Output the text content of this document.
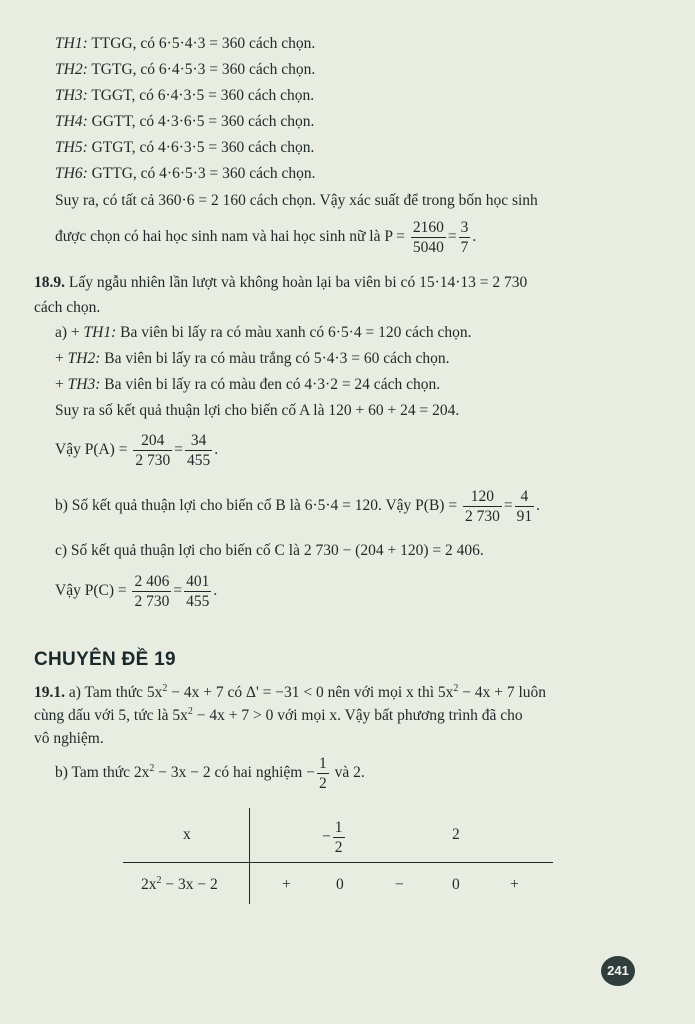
TH1: TTGG, có 6·5·4·3 = 360 cách chọn.
TH2: TGTG, có 6·4·5·3 = 360 cách chọn.
TH3: TGGT, có 6·4·3·5 = 360 cách chọn.
TH4: GGTT, có 4·3·6·5 = 360 cách chọn.
TH5: GTGT, có 4·6·3·5 = 360 cách chọn.
TH6: GTTG, có 4·6·5·3 = 360 cách chọn.
Suy ra, có tất cả 360·6 = 2 160 cách chọn. Vậy xác suất để trong bốn học sinh
được chọn có hai học sinh nam và hai học sinh nữ là $P = \frac{2160}{5040} = \frac{3}{7}$ .
18.9. Lấy ngẫu nhiên lần lượt và không hoàn lại ba viên bi có 15·14·13 = 2 730
cách chọn.
a) + TH1: Ba viên bi lấy ra có màu xanh có 6·5·4 = 120 cách chọn.
+ TH2: Ba viên bi lấy ra có màu trắng có 5·4·3 = 60 cách chọn.
+ TH3: Ba viên bi lấy ra có màu đen có 4·3·2 = 24 cách chọn.
Suy ra số kết quả thuận lợi cho biến cố A là 120 + 60 + 24 = 204.
Vậy $P(A) = \frac{204}{2 730} = \frac{34}{455}$ .
b) Số kết quả thuận lợi cho biến cố B là 6·5·4 = 120. Vậy $P(B) = \frac{120}{2 730} = \frac{4}{91}$ .
c) Số kết quả thuận lợi cho biến cố C là 2 730 − (204 + 120) = 2 406.
Vậy $P(C) = \frac{2 406}{2 730} = \frac{401}{455}$ .
CHUYÊN ĐỀ 19
19.1. a) Tam thức $5x^2 - 4x + 7$ có Δ' = −31 < 0 nên với mọi x thì $5x^2 - 4x + 7$ luôn
cùng dấu với 5, tức là $5x^2 - 4x + 7 > 0$ với mọi x. Vậy bất phương trình đã cho
vô nghiệm.
b) Tam thức $2x^2 - 3x - 2$ có hai nghiệm − $\frac{1}{2}$ và 2.
x	− $\frac{1}{2}$	2
$2x^2 - 3x - 2$	+	0	−	0	+
241
